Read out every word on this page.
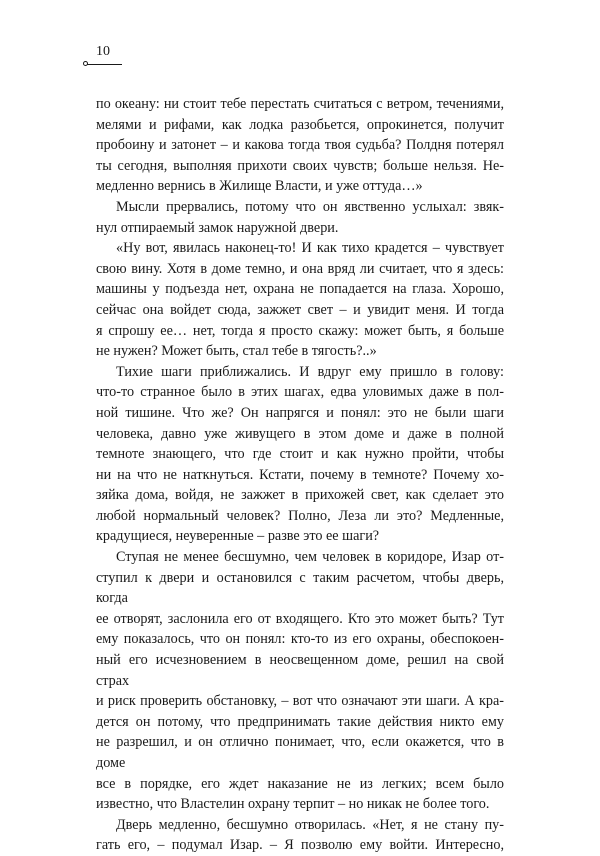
10

по океану: ни стоит тебе перестать считаться с ветром, течениями,
мелями и рифами, как лодка разобьется, опрокинется, получит
пробоину и затонет – и какова тогда твоя судьба? Полдня потерял
ты сегодня, выполняя прихоти своих чувств; больше нельзя. Не-
медленно вернись в Жилище Власти, и уже оттуда…»

Мысли прервались, потому что он явственно услыхал: звяк-
нул отпираемый замок наружной двери.

«Ну вот, явилась наконец-то! И как тихо крадется – чувствует
свою вину. Хотя в доме темно, и она вряд ли считает, что я здесь:
машины у подъезда нет, охрана не попадается на глаза. Хорошо,
сейчас она войдет сюда, зажжет свет – и увидит меня. И тогда
я спрошу ее… нет, тогда я просто скажу: может быть, я больше
не нужен? Может быть, стал тебе в тягость?..»

Тихие шаги приближались. И вдруг ему пришло в голову:
что-то странное было в этих шагах, едва уловимых даже в пол-
ной тишине. Что же? Он напрягся и понял: это не были шаги
человека, давно уже живущего в этом доме и даже в полной
темноте знающего, что где стоит и как нужно пройти, чтобы
ни на что не наткнуться. Кстати, почему в темноте? Почему хо-
зяйка дома, войдя, не зажжет в прихожей свет, как сделает это
любой нормальный человек? Полно, Леза ли это? Медленные,
крадущиеся, неуверенные – разве это ее шаги?

Ступая не менее бесшумно, чем человек в коридоре, Изар от-
ступил к двери и остановился с таким расчетом, чтобы дверь, когда
ее отворят, заслонила его от входящего. Кто это может быть? Тут
ему показалось, что он понял: кто-то из его охраны, обеспокоен-
ный его исчезновением в неосвещенном доме, решил на свой страх
и риск проверить обстановку, – вот что означают эти шаги. А кра-
дется он потому, что предпринимать такие действия никто ему
не разрешил, и он отлично понимает, что, если окажется, что в доме
все в порядке, его ждет наказание не из легких; всем было
известно, что Властелин охрану терпит – но никак не более того.

Дверь медленно, бесшумно отворилась. «Нет, я не стану пу-
гать его, – подумал Изар. – Я позволю ему войти. Интересно,
